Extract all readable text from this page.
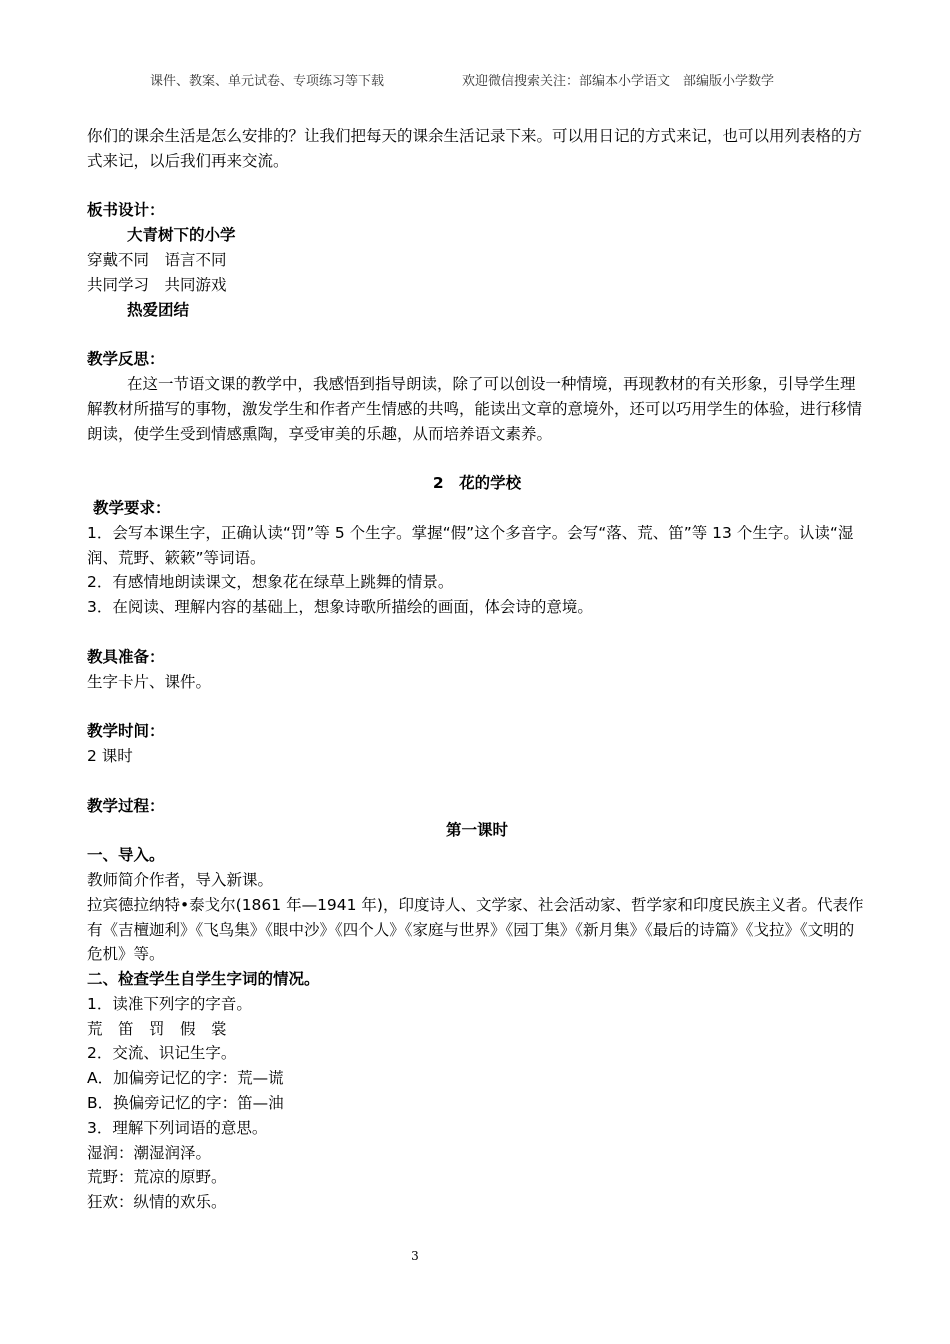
课件、教案、单元试卷、专项练习等下载	欢迎微信搜索关注：部编本小学语文　部编版小学数学

你们的课余生活是怎么安排的？让我们把每天的课余生活记录下来。可以用日记的方式来记，也可以用列表格的方式来记，以后我们再来交流。

板书设计：

大青树下的小学

穿戴不同　语言不同

共同学习　共同游戏

热爱团结

教学反思：

在这一节语文课的教学中，我感悟到指导朗读，除了可以创设一种情境，再现教材的有关形象，引导学生理解教材所描写的事物，激发学生和作者产生情感的共鸣，能读出文章的意境外，还可以巧用学生的体验，进行移情朗读，使学生受到情感熏陶，享受审美的乐趣，从而培养语文素养。

2　花的学校

教学要求：

1．会写本课生字，正确认读“罚”等 5 个生字。掌握“假”这个多音字。会写“落、荒、笛”等 13 个生字。认读“湿润、荒野、簌簌”等词语。

2．有感情地朗读课文，想象花在绿草上跳舞的情景。

3．在阅读、理解内容的基础上，想象诗歌所描绘的画面，体会诗的意境。

教具准备：

生字卡片、课件。

教学时间：

2 课时

教学过程：

第一课时

一、导入。

教师简介作者，导入新课。

拉宾德拉纳特•泰戈尔(1861 年—1941 年)，印度诗人、文学家、社会活动家、哲学家和印度民族主义者。代表作有《吉檀迦利》《飞鸟集》《眼中沙》《四个人》《家庭与世界》《园丁集》《新月集》《最后的诗篇》《戈拉》《文明的危机》等。

二、检查学生自学生字词的情况。

1．读准下列字的字音。

荒　笛　罚　假　裳

2．交流、识记生字。

A．加偏旁记忆的字：荒—谎

B．换偏旁记忆的字：笛—油

3．理解下列词语的意思。

湿润：潮湿润泽。

荒野：荒凉的原野。

狂欢：纵情的欢乐。

3
